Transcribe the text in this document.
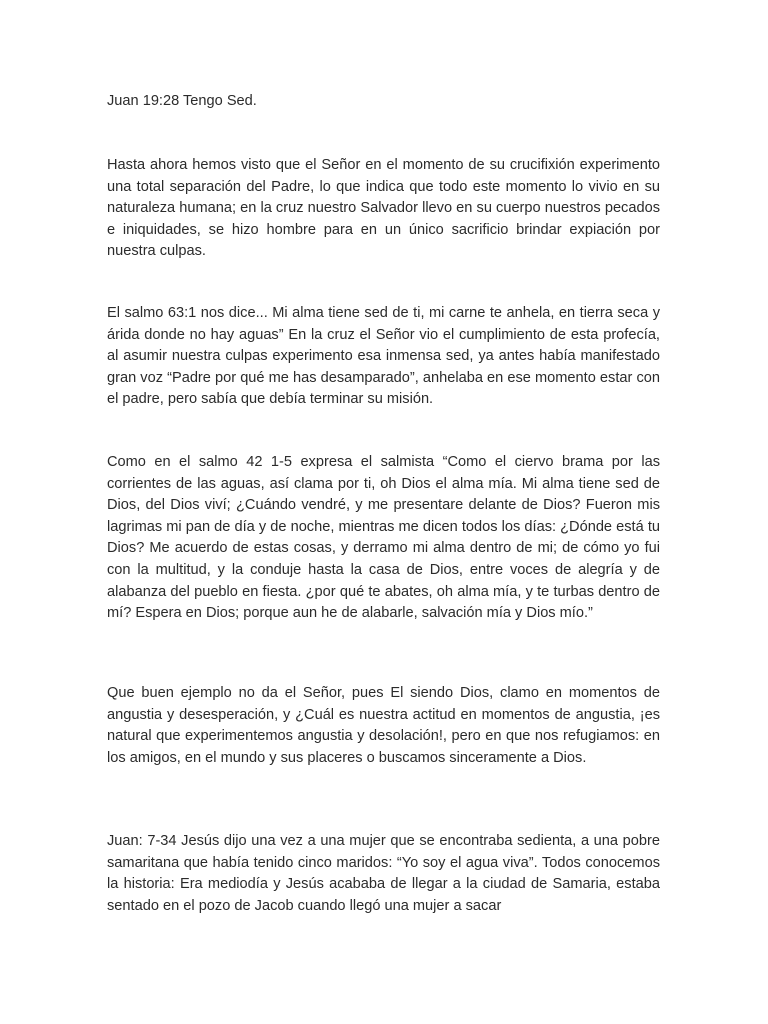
Juan 19:28 Tengo Sed.

Hasta ahora hemos visto que el Señor en el momento de su crucifixión experimento una total separación del Padre, lo que indica que todo este momento lo vivio en su naturaleza humana; en la cruz nuestro Salvador llevo en su cuerpo nuestros pecados e iniquidades, se hizo hombre para en un único sacrificio brindar expiación por nuestra culpas.

El salmo 63:1 nos dice... Mi alma tiene sed de ti, mi carne te anhela, en tierra seca y árida donde no hay aguas” En la cruz el Señor vio el cumplimiento de esta profecía, al asumir nuestra culpas experimento esa inmensa sed, ya antes había manifestado gran voz “Padre por qué me has desamparado”, anhelaba en ese momento estar con el padre, pero sabía que debía terminar su misión.

Como en el salmo 42 1-5 expresa el salmista “Como el ciervo brama por las corrientes de las aguas, así clama por ti, oh Dios el alma mía. Mi alma tiene sed de Dios, del Dios viví; ¿Cuándo vendré, y me presentare delante de Dios? Fueron mis lagrimas mi pan de día y de noche, mientras me dicen todos los días: ¿Dónde está tu Dios? Me acuerdo de estas cosas, y derramo mi alma dentro de mi; de cómo yo fui con la multitud, y la conduje hasta la casa de Dios, entre voces de alegría y de alabanza del pueblo en fiesta. ¿por qué te abates, oh alma mía, y te turbas dentro de mí? Espera en Dios; porque aun he de alabarle, salvación mía y Dios mío.”

Que buen ejemplo no da el Señor, pues El siendo Dios, clamo en momentos de angustia y desesperación, y ¿Cuál es nuestra actitud en momentos de angustia, ¡es natural que experimentemos angustia y desolación!, pero en que nos refugiamos: en los amigos, en el mundo y sus placeres o buscamos sinceramente a Dios.

Juan: 7-34 Jesús dijo una vez a una mujer que se encontraba sedienta, a una pobre samaritana que había tenido cinco maridos: “Yo soy el agua viva”. Todos conocemos la historia: Era mediodía y Jesús acababa de llegar a la ciudad de Samaria, estaba sentado en el pozo de Jacob cuando llegó una mujer a sacar
